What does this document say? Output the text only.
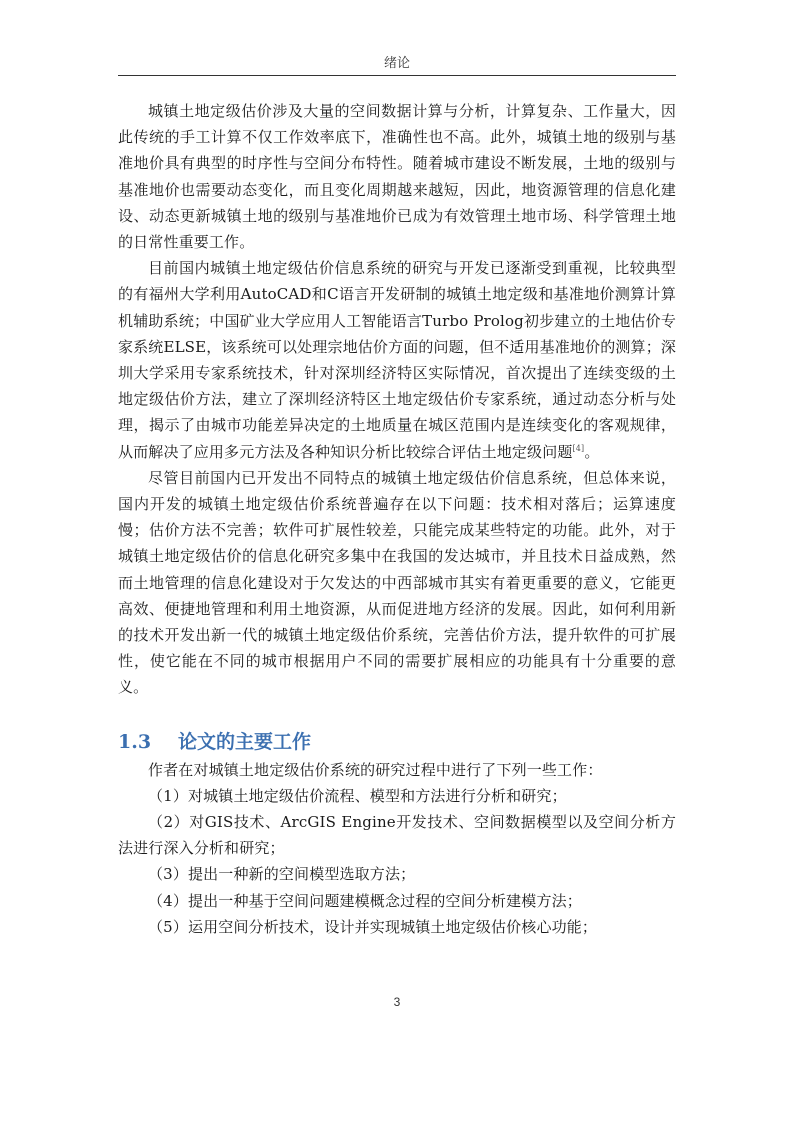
绪论

城镇土地定级估价涉及大量的空间数据计算与分析，计算复杂、工作量大，因此传统的手工计算不仅工作效率底下，准确性也不高。此外，城镇土地的级别与基准地价具有典型的时序性与空间分布特性。随着城市建设不断发展，土地的级别与基准地价也需要动态变化，而且变化周期越来越短，因此，地资源管理的信息化建设、动态更新城镇土地的级别与基准地价已成为有效管理土地市场、科学管理土地的日常性重要工作。

目前国内城镇土地定级估价信息系统的研究与开发已逐渐受到重视，比较典型的有福州大学利用AutoCAD和C语言开发研制的城镇土地定级和基准地价测算计算机辅助系统；中国矿业大学应用人工智能语言Turbo Prolog初步建立的土地估价专家系统ELSE，该系统可以处理宗地估价方面的问题，但不适用基准地价的测算；深圳大学采用专家系统技术，针对深圳经济特区实际情况，首次提出了连续变级的土地定级估价方法，建立了深圳经济特区土地定级估价专家系统，通过动态分析与处理，揭示了由城市功能差异决定的土地质量在城区范围内是连续变化的客观规律，从而解决了应用多元方法及各种知识分析比较综合评估土地定级问题[4]。

尽管目前国内已开发出不同特点的城镇土地定级估价信息系统，但总体来说，国内开发的城镇土地定级估价系统普遍存在以下问题：技术相对落后；运算速度慢；估价方法不完善；软件可扩展性较差，只能完成某些特定的功能。此外，对于城镇土地定级估价的信息化研究多集中在我国的发达城市，并且技术日益成熟，然而土地管理的信息化建设对于欠发达的中西部城市其实有着更重要的意义，它能更高效、便捷地管理和利用土地资源，从而促进地方经济的发展。因此，如何利用新的技术开发出新一代的城镇土地定级估价系统，完善估价方法，提升软件的可扩展性，使它能在不同的城市根据用户不同的需要扩展相应的功能具有十分重要的意义。

1.3 论文的主要工作

作者在对城镇土地定级估价系统的研究过程中进行了下列一些工作：

（1）对城镇土地定级估价流程、模型和方法进行分析和研究；

（2）对GIS技术、ArcGIS Engine开发技术、空间数据模型以及空间分析方法进行深入分析和研究；

（3）提出一种新的空间模型选取方法；

（4）提出一种基于空间问题建模概念过程的空间分析建模方法；

（5）运用空间分析技术，设计并实现城镇土地定级估价核心功能；

3
